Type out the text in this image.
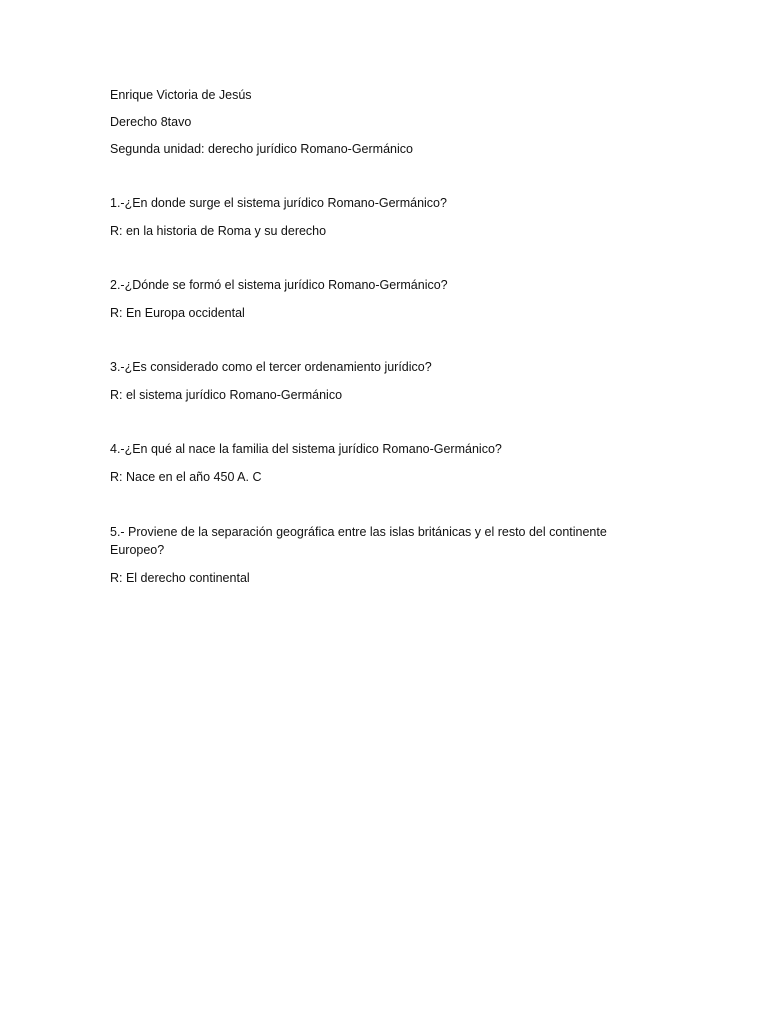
Enrique Victoria de Jesús

Derecho 8tavo

Segunda unidad: derecho jurídico Romano-Germánico

1.-¿En donde surge el sistema jurídico Romano-Germánico?

R: en la historia de Roma y su derecho

2.-¿Dónde se formó el sistema jurídico Romano-Germánico?

R: En Europa occidental

3.-¿Es considerado como el tercer ordenamiento jurídico?

R: el sistema jurídico Romano-Germánico

4.-¿En qué al nace la familia del sistema jurídico Romano-Germánico?

R: Nace en el año 450 A. C

5.- Proviene de la separación geográfica entre las islas británicas y el resto del continente Europeo?

R: El derecho continental
